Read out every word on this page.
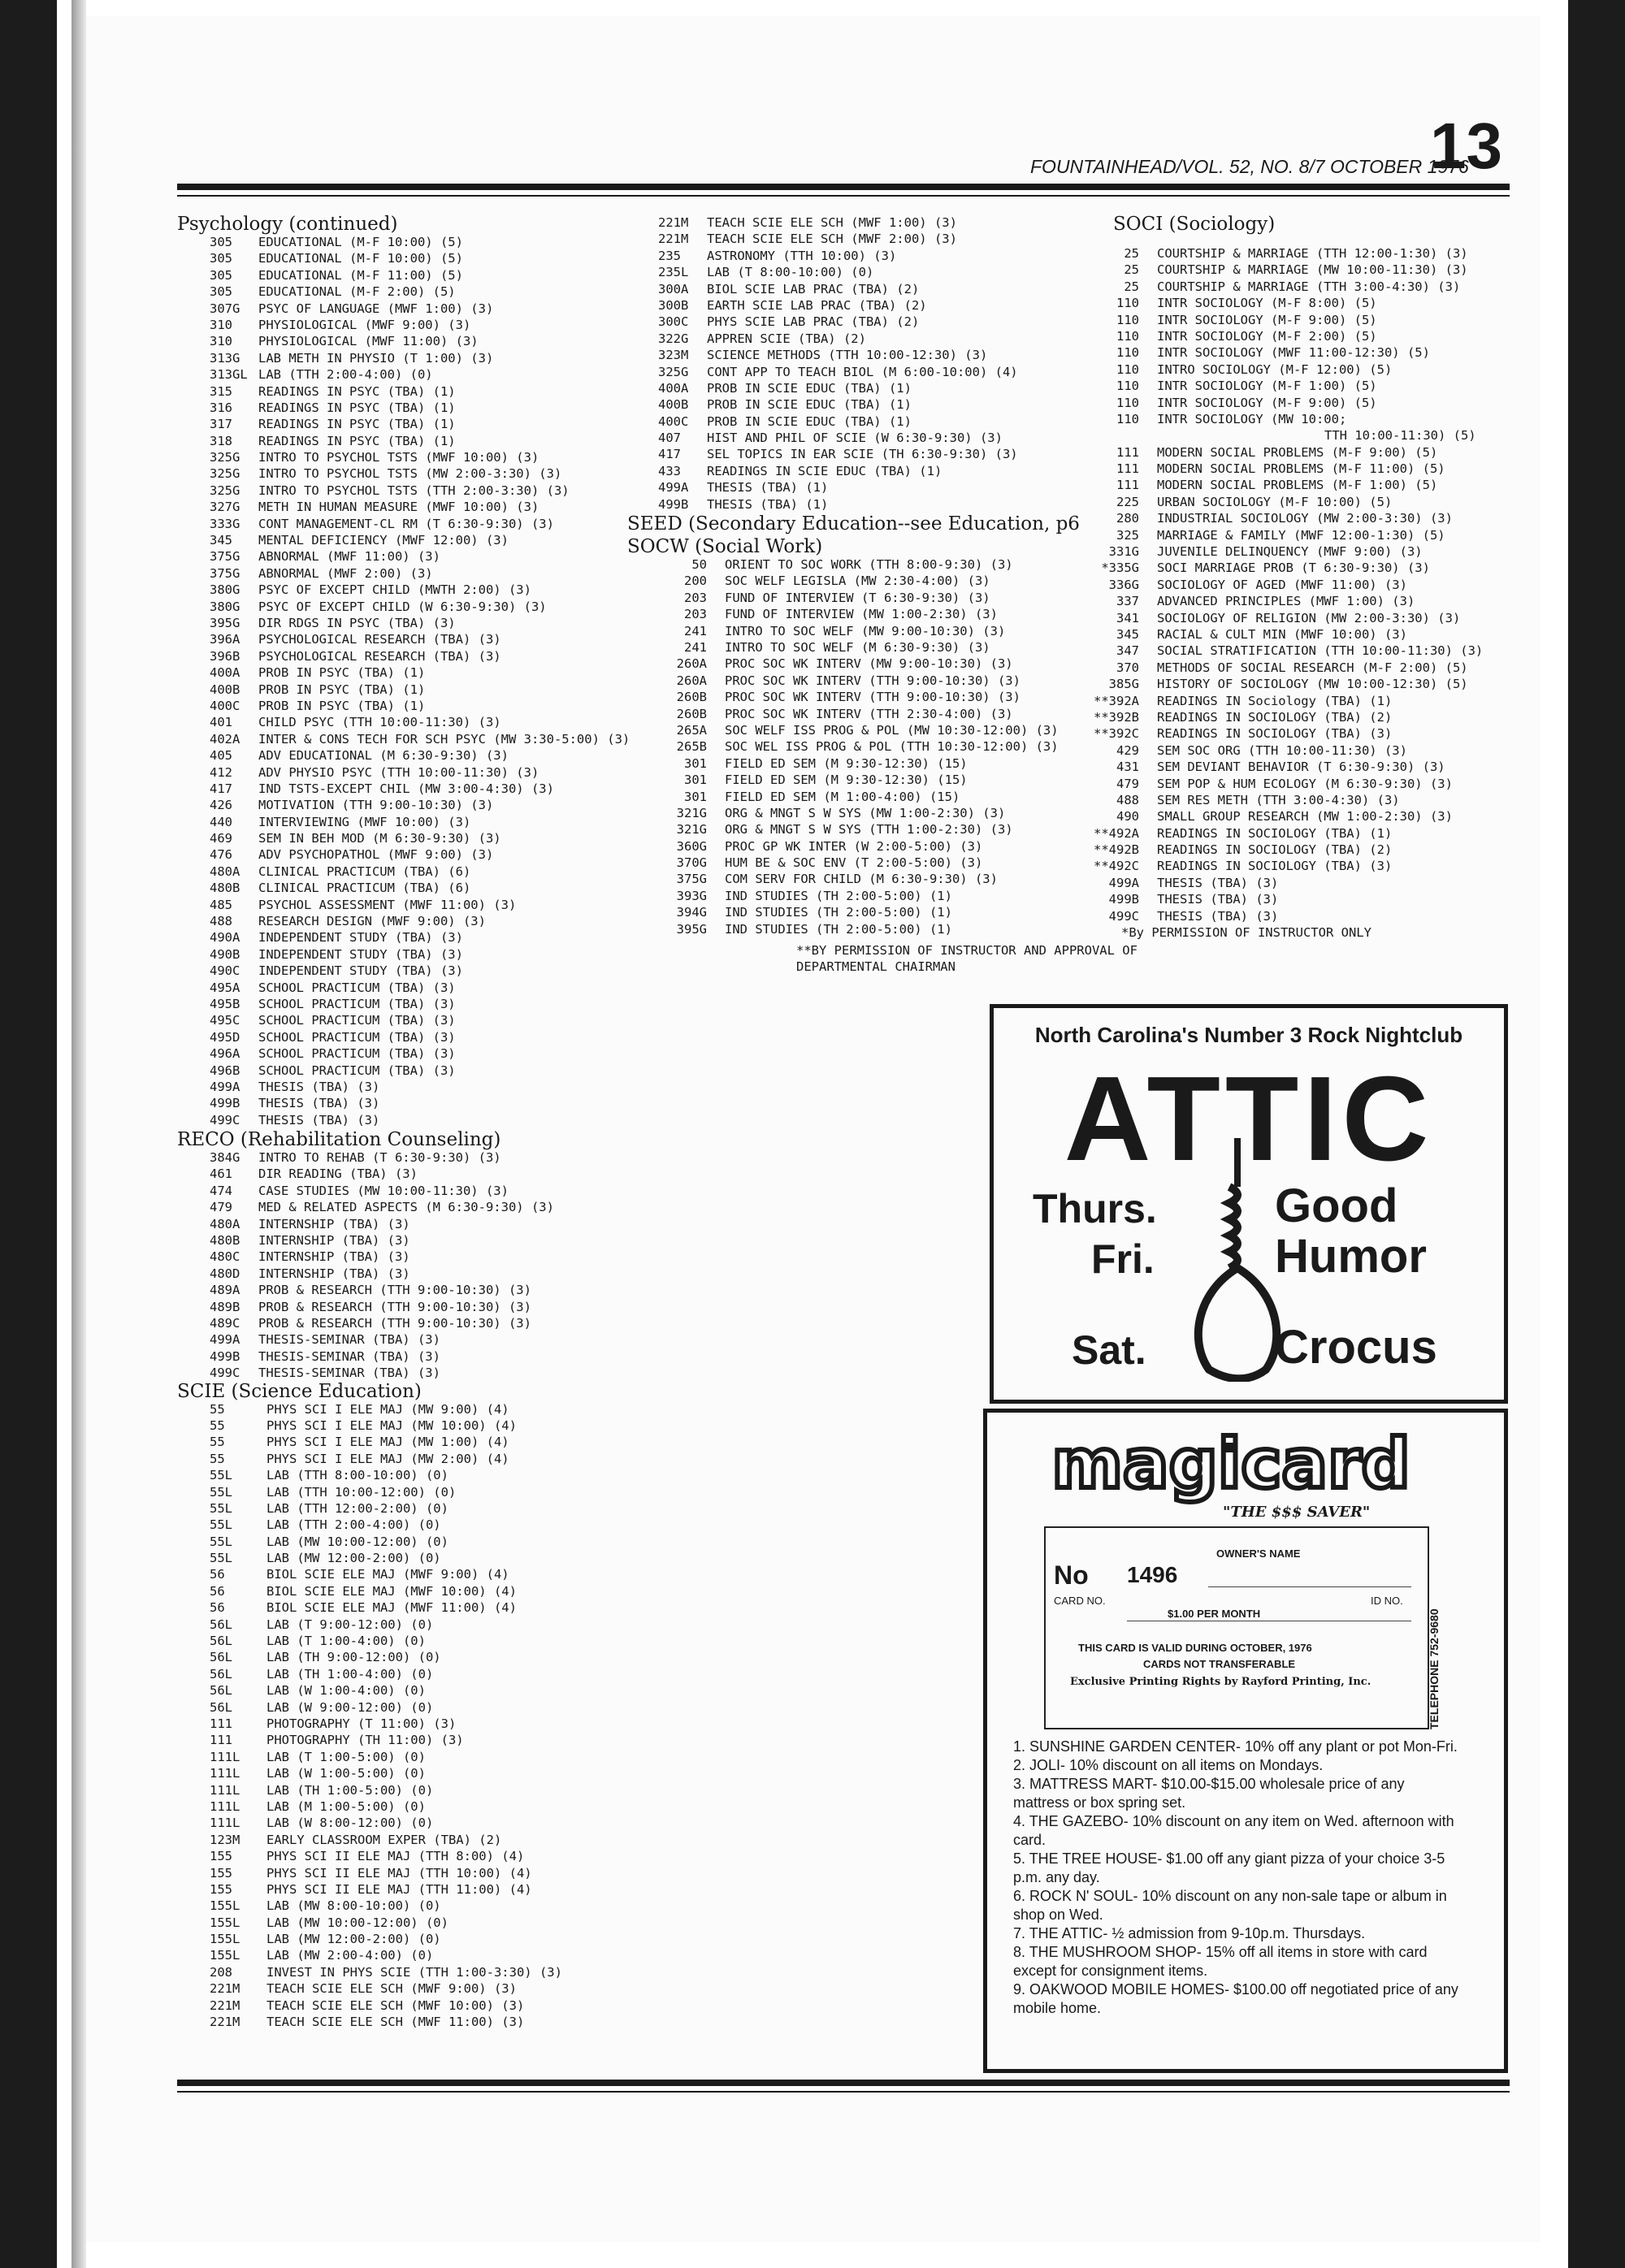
13
FOUNTAINHEAD/VOL. 52, NO. 8/7 OCTOBER 1976
Psychology (continued)
305	EDUCATIONAL (M-F 10:00) (5)
305	EDUCATIONAL (M-F 10:00) (5)
305	EDUCATIONAL (M-F 11:00) (5)
305	EDUCATIONAL (M-F 2:00) (5)
307G	PSYC OF LANGUAGE (MWF 1:00) (3)
310	PHYSIOLOGICAL (MWF 9:00) (3)
310	PHYSIOLOGICAL (MWF 11:00) (3)
313G	LAB METH IN PHYSIO (T 1:00) (3)
313GL LAB (TTH 2:00-4:00) (0)
315	READINGS IN PSYC (TBA) (1)
316	READINGS IN PSYC (TBA) (1)
317	READINGS IN PSYC (TBA) (1)
318	READINGS IN PSYC (TBA) (1)
325G	INTRO TO PSYCHOL TSTS (MWF 10:00) (3)
325G	INTRO TO PSYCHOL TSTS (MW 2:00-3:30) (3)
325G	INTRO TO PSYCHOL TSTS (TTH 2:00-3:30) (3)
327G	METH IN HUMAN MEASURE (MWF 10:00) (3)
333G	CONT MANAGEMENT-CL RM (T 6:30-9:30) (3)
345	MENTAL DEFICIENCY (MWF 12:00) (3)
375G	ABNORMAL (MWF 11:00) (3)
375G	ABNORMAL (MWF 2:00) (3)
380G	PSYC OF EXCEPT CHILD (MWTH 2:00) (3)
380G	PSYC OF EXCEPT CHILD (W 6:30-9:30) (3)
395G	DIR RDGS IN PSYC (TBA) (3)
396A	PSYCHOLOGICAL RESEARCH (TBA) (3)
396B	PSYCHOLOGICAL RESEARCH (TBA) (3)
400A	PROB IN PSYC (TBA) (1)
400B	PROB IN PSYC (TBA) (1)
400C	PROB IN PSYC (TBA) (1)
401	CHILD PSYC (TTH 10:00-11:30) (3)
402A	INTER & CONS TECH FOR SCH PSYC (MW 3:30-5:00) (3)
405	ADV EDUCATIONAL (M 6:30-9:30) (3)
412	ADV PHYSIO PSYC (TTH 10:00-11:30) (3)
417	IND TSTS-EXCEPT CHIL (MW 3:00-4:30) (3)
426	MOTIVATION (TTH 9:00-10:30) (3)
440	INTERVIEWING (MWF 10:00) (3)
469	SEM IN BEH MOD (M 6:30-9:30) (3)
476	ADV PSYCHOPATHOL (MWF 9:00) (3)
480A	CLINICAL PRACTICUM (TBA) (6)
480B	CLINICAL PRACTICUM (TBA) (6)
485	PSYCHOL ASSESSMENT (MWF 11:00) (3)
488	RESEARCH DESIGN (MWF 9:00) (3)
490A	INDEPENDENT STUDY (TBA) (3)
490B	INDEPENDENT STUDY (TBA) (3)
490C	INDEPENDENT STUDY (TBA) (3)
495A	SCHOOL PRACTICUM (TBA) (3)
495B	SCHOOL PRACTICUM (TBA) (3)
495C	SCHOOL PRACTICUM (TBA) (3)
495D	SCHOOL PRACTICUM (TBA) (3)
496A	SCHOOL PRACTICUM (TBA) (3)
496B	SCHOOL PRACTICUM (TBA) (3)
499A	THESIS (TBA) (3)
499B	THESIS (TBA) (3)
499C	THESIS (TBA) (3)
RECO (Rehabilitation Counseling)
384G	INTRO TO REHAB (T 6:30-9:30) (3)
461	DIR READING (TBA) (3)
474	CASE STUDIES (MW 10:00-11:30) (3)
479	MED & RELATED ASPECTS (M 6:30-9:30) (3)
480A	INTERNSHIP (TBA) (3)
480B	INTERNSHIP (TBA) (3)
480C	INTERNSHIP (TBA) (3)
480D	INTERNSHIP (TBA) (3)
489A	PROB & RESEARCH (TTH 9:00-10:30) (3)
489B	PROB & RESEARCH (TTH 9:00-10:30) (3)
489C	PROB & RESEARCH (TTH 9:00-10:30) (3)
499A	THESIS-SEMINAR (TBA) (3)
499B	THESIS-SEMINAR (TBA) (3)
499C	THESIS-SEMINAR (TBA) (3)
SCIE (Science Education)
55	PHYS SCI I ELE MAJ (MW 9:00) (4)
55	PHYS SCI I ELE MAJ (MW 10:00) (4)
55	PHYS SCI I ELE MAJ (MW 1:00) (4)
55	PHYS SCI I ELE MAJ (MW 2:00) (4)
55L	LAB (TTH 8:00-10:00) (0)
55L	LAB (TTH 10:00-12:00) (0)
55L	LAB (TTH 12:00-2:00) (0)
55L	LAB (TTH 2:00-4:00) (0)
55L	LAB (MW 10:00-12:00) (0)
55L	LAB (MW 12:00-2:00) (0)
56	BIOL SCIE ELE MAJ (MWF 9:00) (4)
56	BIOL SCIE ELE MAJ (MWF 10:00) (4)
56	BIOL SCIE ELE MAJ (MWF 11:00) (4)
56L	LAB (T 9:00-12:00) (0)
56L	LAB (T 1:00-4:00) (0)
56L	LAB (TH 9:00-12:00) (0)
56L	LAB (TH 1:00-4:00) (0)
56L	LAB (W 1:00-4:00) (0)
56L	LAB (W 9:00-12:00) (0)
111	PHOTOGRAPHY (T 11:00) (3)
111	PHOTOGRAPHY (TH 11:00) (3)
111L	LAB (T 1:00-5:00) (0)
111L	LAB (W 1:00-5:00) (0)
111L	LAB (TH 1:00-5:00) (0)
111L	LAB (M 1:00-5:00) (0)
111L	LAB (W 8:00-12:00) (0)
123M	EARLY CLASSROOM EXPER (TBA) (2)
155	PHYS SCI II ELE MAJ (TTH 8:00) (4)
155	PHYS SCI II ELE MAJ (TTH 10:00) (4)
155	PHYS SCI II ELE MAJ (TTH 11:00) (4)
155L	LAB (MW 8:00-10:00) (0)
155L	LAB (MW 10:00-12:00) (0)
155L	LAB (MW 12:00-2:00) (0)
155L	LAB (MW 2:00-4:00) (0)
208	INVEST IN PHYS SCIE (TTH 1:00-3:30) (3)
221M	TEACH SCIE ELE SCH (MWF 9:00) (3)
221M	TEACH SCIE ELE SCH (MWF 10:00) (3)
221M	TEACH SCIE ELE SCH (MWF 11:00) (3)
221M	TEACH SCIE ELE SCH (MWF 1:00) (3)
221M	TEACH SCIE ELE SCH (MWF 2:00) (3)
235	ASTRONOMY (TTH 10:00) (3)
235L	LAB (T 8:00-10:00) (0)
300A	BIOL SCIE LAB PRAC (TBA) (2)
300B	EARTH SCIE LAB PRAC (TBA) (2)
300C	PHYS SCIE LAB PRAC (TBA) (2)
322G	APPREN SCIE (TBA) (2)
323M	SCIENCE METHODS (TTH 10:00-12:30) (3)
325G	CONT APP TO TEACH BIOL (M 6:00-10:00) (4)
400A	PROB IN SCIE EDUC (TBA) (1)
400B	PROB IN SCIE EDUC (TBA) (1)
400C	PROB IN SCIE EDUC (TBA) (1)
407	HIST AND PHIL OF SCIE (W 6:30-9:30) (3)
417	SEL TOPICS IN EAR SCIE (TH 6:30-9:30) (3)
433	READINGS IN SCIE EDUC (TBA) (1)
499A	THESIS (TBA) (1)
499B	THESIS (TBA) (1)
SEED (Secondary Education--see Education, p6
SOCW (Social Work)
50	ORIENT TO SOC WORK (TTH 8:00-9:30) (3)
200	SOC WELF LEGISLA (MW 2:30-4:00) (3)
203	FUND OF INTERVIEW (T 6:30-9:30) (3)
203	FUND OF INTERVIEW (MW 1:00-2:30) (3)
241	INTRO TO SOC WELF (MW 9:00-10:30) (3)
241	INTRO TO SOC WELF (M 6:30-9:30) (3)
260A	PROC SOC WK INTERV (MW 9:00-10:30) (3)
260A	PROC SOC WK INTERV (TTH 9:00-10:30) (3)
260B	PROC SOC WK INTERV (TTH 9:00-10:30) (3)
260B	PROC SOC WK INTERV (TTH 2:30-4:00) (3)
265A	SOC WELF ISS PROG & POL (MW 10:30-12:00) (3)
265B	SOC WEL ISS PROG & POL (TTH 10:30-12:00) (3)
301	FIELD ED SEM (M 9:30-12:30) (15)
301	FIELD ED SEM (M 9:30-12:30) (15)
301	FIELD ED SEM (M 1:00-4:00) (15)
321G	ORG & MNGT S W SYS (MW 1:00-2:30) (3)
321G	ORG & MNGT S W SYS (TTH 1:00-2:30) (3)
360G	PROC GP WK INTER (W 2:00-5:00) (3)
370G	HUM BE & SOC ENV (T 2:00-5:00) (3)
375G	COM SERV FOR CHILD (M 6:30-9:30) (3)
393G	IND STUDIES (TH 2:00-5:00) (1)
394G	IND STUDIES (TH 2:00-5:00) (1)
395G	IND STUDIES (TH 2:00-5:00) (1)
**BY PERMISSION OF INSTRUCTOR AND APPROVAL
DEPARTMENTAL CHAIRMAN
SOCI (Sociology)
25	COURTSHIP & MARRIAGE (TTH 12:00-1:30) (3)
25	COURTSHIP & MARRIAGE (MW 10:00-11:30) (3)
25	COURTSHIP & MARRIAGE (TTH 3:00-4:30) (3)
110	INTR SOCIOLOGY (M-F 8:00) (5)
110	INTR SOCIOLOGY (M-F 9:00) (5)
110	INTR SOCIOLOGY (M-F 2:00) (5)
110	INTR SOCIOLOGY (MWF 11:00-12:30) (5)
110	INTRO SOCIOLOGY (M-F 12:00) (5)
110	INTR SOCIOLOGY (M-F 1:00) (5)
110	INTR SOCIOLOGY (M-F 9:00) (5)
110	INTR SOCIOLOGY (MW 10:00;
TTH 10:00-11:30) (5)
111	MODERN SOCIAL PROBLEMS (M-F 9:00) (5)
111	MODERN SOCIAL PROBLEMS (M-F 11:00) (5)
111	MODERN SOCIAL PROBLEMS (M-F 1:00) (5)
225	URBAN SOCIOLOGY (M-F 10:00) (5)
280	INDUSTRIAL SOCIOLOGY (MW 2:00-3:30) (3)
325	MARRIAGE & FAMILY (MWF 12:00-1:30) (5)
331G	JUVENILE DELINQUENCY (MWF 9:00) (3)
*335G	SOCI MARRIAGE PROB (T 6:30-9:30) (3)
336G	SOCIOLOGY OF AGED (MWF 11:00) (3)
337	ADVANCED PRINCIPLES (MWF 1:00) (3)
341	SOCIOLOGY OF RELIGION (MW 2:00-3:30) (3)
345	RACIAL & CULT MIN (MWF 10:00) (3)
347	SOCIAL STRATIFICATION (TTH 10:00-11:30) (3)
370	METHODS OF SOCIAL RESEARCH (M-F 2:00) (5)
385G	HISTORY OF SOCIOLOGY (MW 10:00-12:30) (5)
**392A	READINGS IN Sociology (TBA) (1)
**392B	READINGS IN SOCIOLOGY (TBA) (2)
**392C	READINGS IN SOCIOLOGY (TBA) (3)
429	SEM SOC ORG (TTH 10:00-11:30) (3)
431	SEM DEVIANT BEHAVIOR (T 6:30-9:30) (3)
479	SEM POP & HUM ECOLOGY (M 6:30-9:30) (3)
488	SEM RES METH (TTH 3:00-4:30) (3)
490	SMALL GROUP RESEARCH (MW 1:00-2:30) (3)
**492A	READINGS IN SOCIOLOGY (TBA) (1)
**492B	READINGS IN SOCIOLOGY (TBA) (2)
**492C	READINGS IN SOCIOLOGY (TBA) (3)
499A	THESIS (TBA) (3)
499B	THESIS (TBA) (3)
499C	THESIS (TBA) (3)
*By PERMISSION OF INSTRUCTOR ONLY
North Carolina's Number 3 Rock Nightclub
ATTIC
Thurs.
Fri.
Sat.
Good
Humor
Crocus
magicard
"THE $$$ SAVER"
OWNER'S NAME
No 1496
CARD NO.	ID NO.
$1.00 PER MONTH
THIS CARD IS VALID DURING OCTOBER, 1976
CARDS NOT TRANSFERABLE
Exclusive Printing Rights by Rayford Printing, Inc.	TELEPHONE 752-9680
1. SUNSHINE GARDEN CENTER- 10% off any plant or pot Mon-Fri.
2. JOLI- 10% discount on all items on Mondays.
3. MATTRESS MART- $10.00-$15.00 wholesale price of any mattress or box spring set.
4. THE GAZEBO- 10% discount on any item on Wed. afternoon with card.
5. THE TREE HOUSE- $1.00 off any giant pizza of your choice 3-5 p.m. any day.
6. ROCK N' SOUL- 10% discount on any non-sale tape or album in shop on Wed.
7. THE ATTIC- ½ admission from 9-10p.m. Thursdays.
8. THE MUSHROOM SHOP- 15% off all items in store with card except for consignment items.
9. OAKWOOD MOBILE HOMES- $100.00 off negotiated price of any mobile home.
